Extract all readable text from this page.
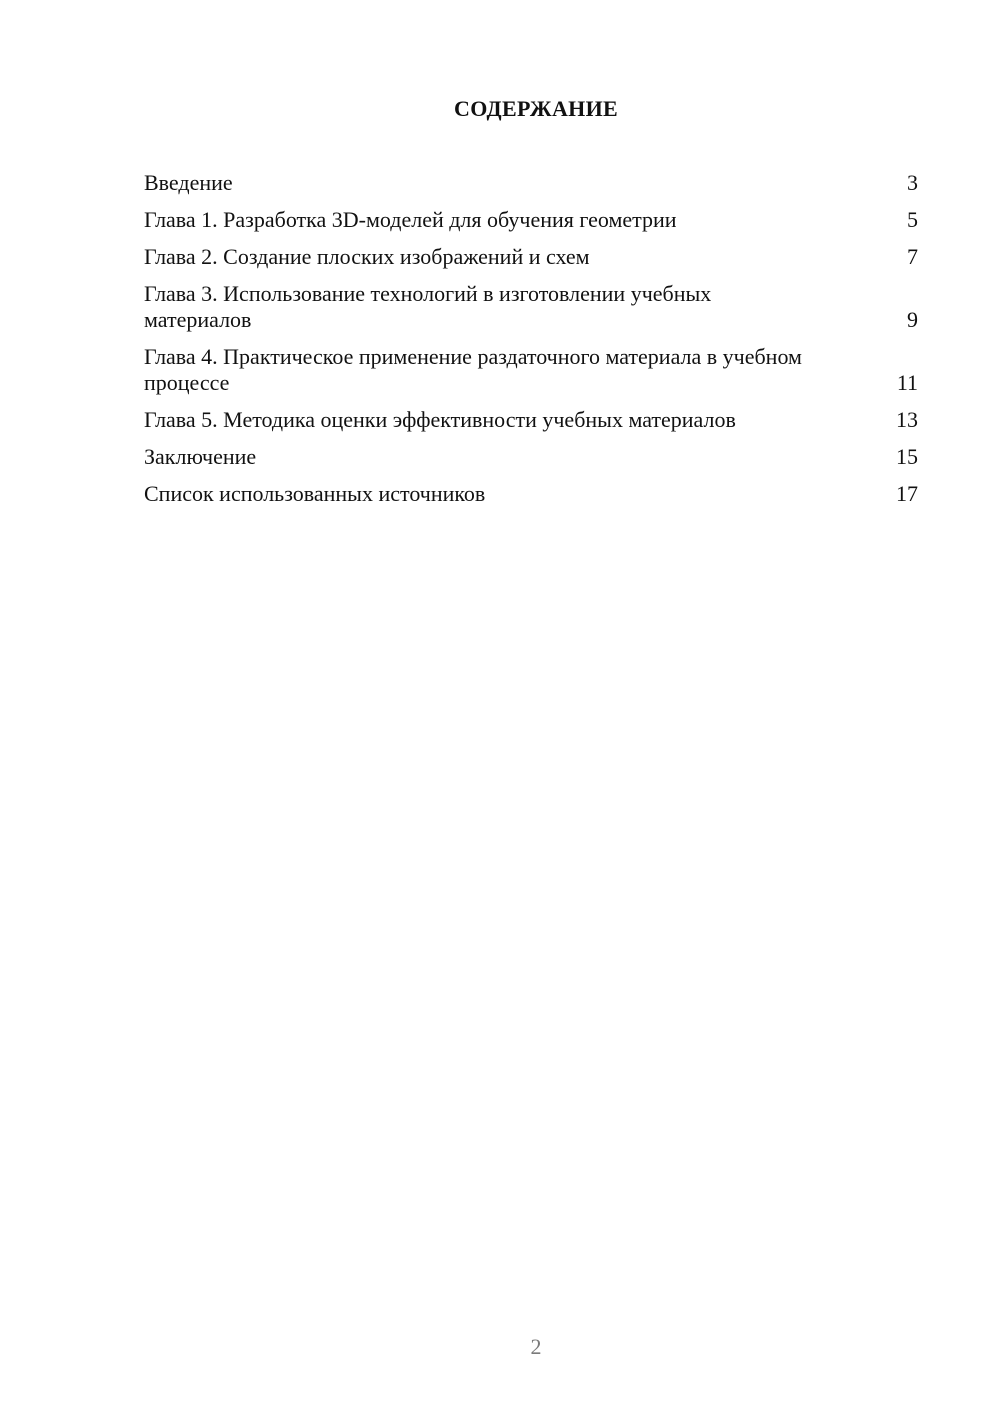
СОДЕРЖАНИЕ
Введение	3
Глава 1. Разработка 3D-моделей для обучения геометрии	5
Глава 2. Создание плоских изображений и схем	7
Глава 3. Использование технологий в изготовлении учебных материалов	9
Глава 4. Практическое применение раздаточного материала в учебном процессе	11
Глава 5. Методика оценки эффективности учебных материалов	13
Заключение	15
Список использованных источников	17
2
